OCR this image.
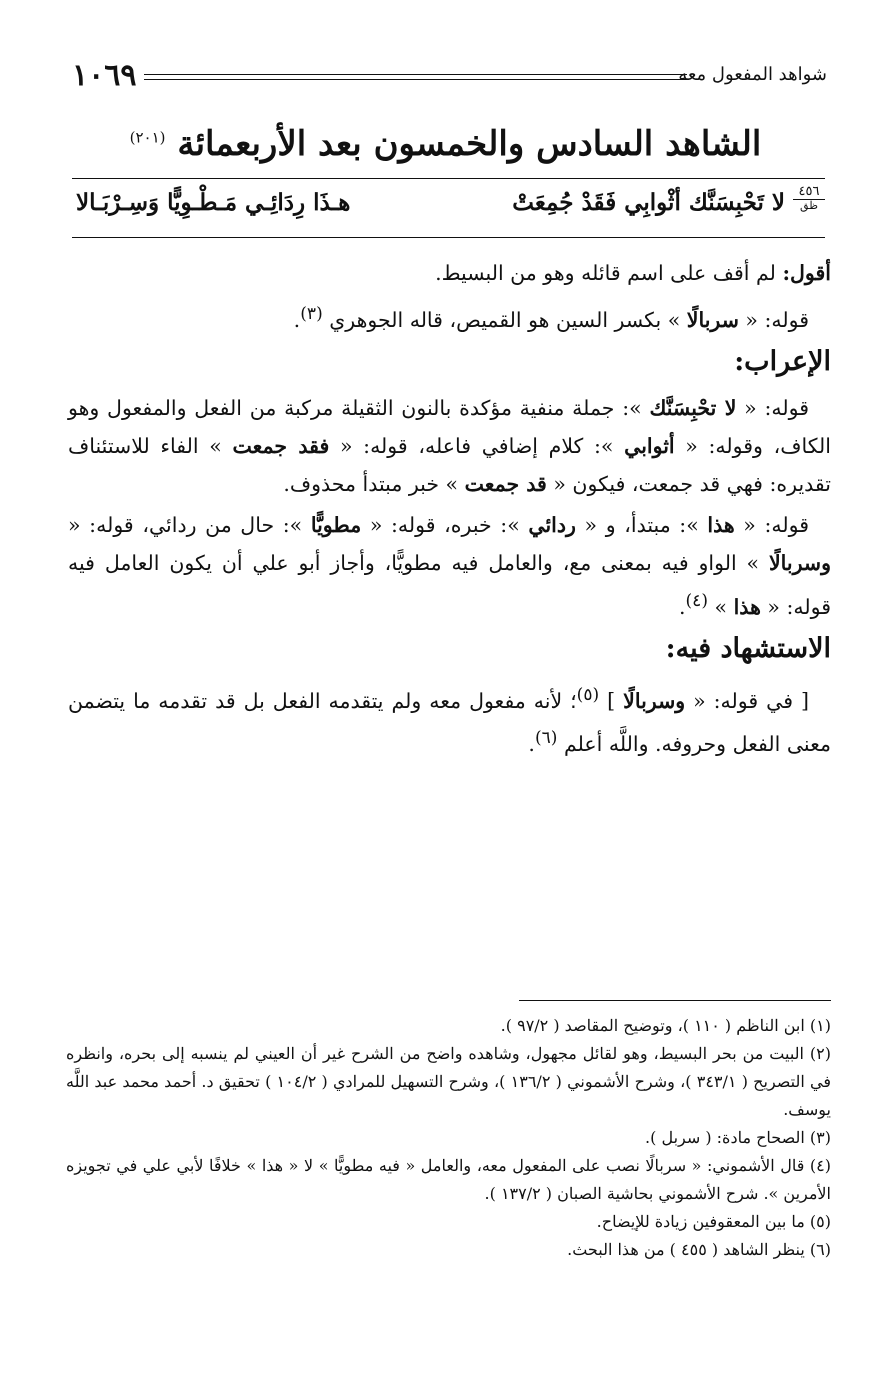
شواهد المفعول معه
١٠٦٩
الشاهد السادس والخمسون بعد الأربعمائة $^{(٢٠١)}$
٤٥٦
ظق
لا تَحْبِسَنَّك أثْوابِي فَقَدْ جُمِعَتْ
هـذَا رِدَائِـي مَـطْـوِيًّا وَسِـرْبَـالا

أقول: لم أقف على اسم قائله وهو من البسيط.

قوله: « سربالًا » بكسر السين هو القميص، قاله الجوهري $^{(٣)}$.

الإعراب:

قوله: « لا تحْبِسَنَّك »: جملة منفية مؤكدة بالنون الثقيلة مركبة من الفعل والمفعول وهو الكاف، وقوله: « أثوابي »: كلام إضافي فاعله، قوله: « فقد جمعت » الفاء للاستئناف تقديره: فهي قد جمعت، فيكون « قد جمعت » خبر مبتدأ محذوف.

قوله: « هذا »: مبتدأ، و « ردائي »: خبره، قوله: « مطويًّا »: حال من ردائي، قوله: « وسربالًا » الواو فيه بمعنى مع، والعامل فيه مطويًّا، وأجاز أبو علي أن يكون العامل فيه قوله: « هذا » $^{(٤)}$.

الاستشهاد فيه:

[ في قوله: « وسربالًا ] $^{(٥)}$؛ لأنه مفعول معه ولم يتقدمه الفعل بل قد تقدمه ما يتضمن معنى الفعل وحروفه. واللَّه أعلم $^{(٦)}$.

(١) ابن الناظم ( ١١٠ )، وتوضيح المقاصد ( ٩٧/٢ ).

(٢) البيت من بحر البسيط، وهو لقائل مجهول، وشاهده واضح من الشرح غير أن العيني لم ينسبه إلى بحره، وانظره في التصريح ( ٣٤٣/١ )، وشرح الأشموني ( ١٣٦/٢ )، وشرح التسهيل للمرادي ( ١٠٤/٢ ) تحقيق د. أحمد محمد عبد اللَّه يوسف.

(٣) الصحاح مادة: ( سربل ).

(٤) قال الأشموني: « سربالًا نصب على المفعول معه، والعامل « فيه مطويًّا » لا « هذا » خلافًا لأبي علي في تجويزه الأمرين ». شرح الأشموني بحاشية الصبان ( ١٣٧/٢ ).

(٥) ما بين المعقوفين زيادة للإيضاح.

(٦) ينظر الشاهد ( ٤٥٥ ) من هذا البحث.
